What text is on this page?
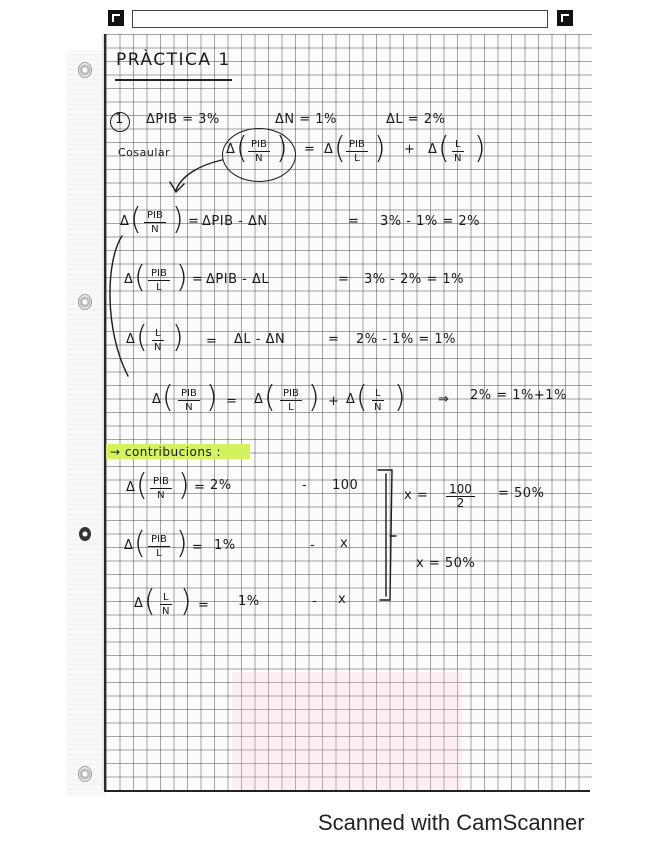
PRÀCTICA 1
1 ΔPIB = 3%	ΔN = 1%	ΔL = 2%
Cosaular	Δ ( PIB
N ) = Δ ( PIB
L ) + Δ ( $\frac{L}{N}$ )
Δ ( PIB
N ) = ΔPIB - ΔN	= 3% - 1% = 2%
Δ ( PIB
L ) = ΔPIB - ΔL	= 3% - 2% = 1%
Δ ( $\frac{L}{N}$ ) = ΔL - ΔN	= 2% - 1% = 1%
Δ ( PIB
N ) = Δ ( PIB
L ) + Δ ( $\frac{L}{N}$ ) ⇒ 2% = 1%+1%
→ contribucions :
Δ ( PIB
N ) = 2%	- 100
Δ ( PIB
L ) = 1%	- x
Δ ( $\frac{L}{N}$ ) = 1%	- x
$x = \frac{100}{2} = 50\%$
x = 50%
Scanned with CamScanner
